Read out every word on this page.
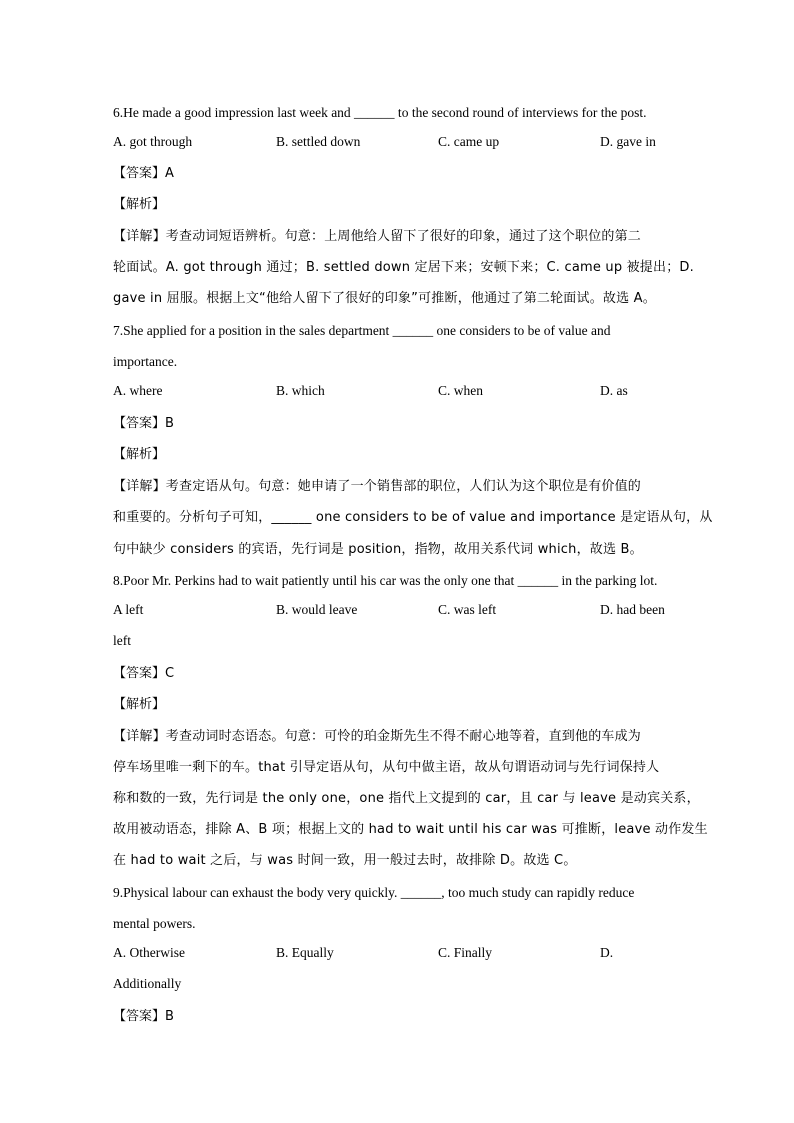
6.He made a good impression last week and ______ to the second round of interviews for the post.
A. got through	B. settled down	C. came up	D. gave in
【答案】A
【解析】
【详解】考查动词短语辨析。句意：上周他给人留下了很好的印象，通过了这个职位的第二
轮面试。A. got through 通过；B. settled down 定居下来；安顿下来；C. came up 被提出；D.
gave in 屈服。根据上文“他给人留下了很好的印象”可推断，他通过了第二轮面试。故选 A。
7.She applied for a position in the sales department ______ one considers to be of value and
importance.
A. where	B. which	C. when	D. as
【答案】B
【解析】
【详解】考查定语从句。句意：她申请了一个销售部的职位，人们认为这个职位是有价值的
和重要的。分析句子可知，______ one considers to be of value and importance 是定语从句，从
句中缺少 considers 的宾语，先行词是 position，指物，故用关系代词 which，故选 B。
8.Poor Mr. Perkins had to wait patiently until his car was the only one that ______ in the parking lot.
A left	B. would leave	C. was left	D. had been
left
【答案】C
【解析】
【详解】考查动词时态语态。句意：可怜的珀金斯先生不得不耐心地等着，直到他的车成为
停车场里唯一剩下的车。that 引导定语从句，从句中做主语，故从句谓语动词与先行词保持人
称和数的一致，先行词是 the only one，one 指代上文提到的 car，且 car 与 leave 是动宾关系，
故用被动语态，排除 A、B 项；根据上文的 had to wait until his car was 可推断，leave 动作发生
在 had to wait 之后，与 was 时间一致，用一般过去时，故排除 D。故选 C。
9.Physical labour can exhaust the body very quickly. ______, too much study can rapidly reduce
mental powers.
A. Otherwise	B. Equally	C. Finally	D.
Additionally
【答案】B
